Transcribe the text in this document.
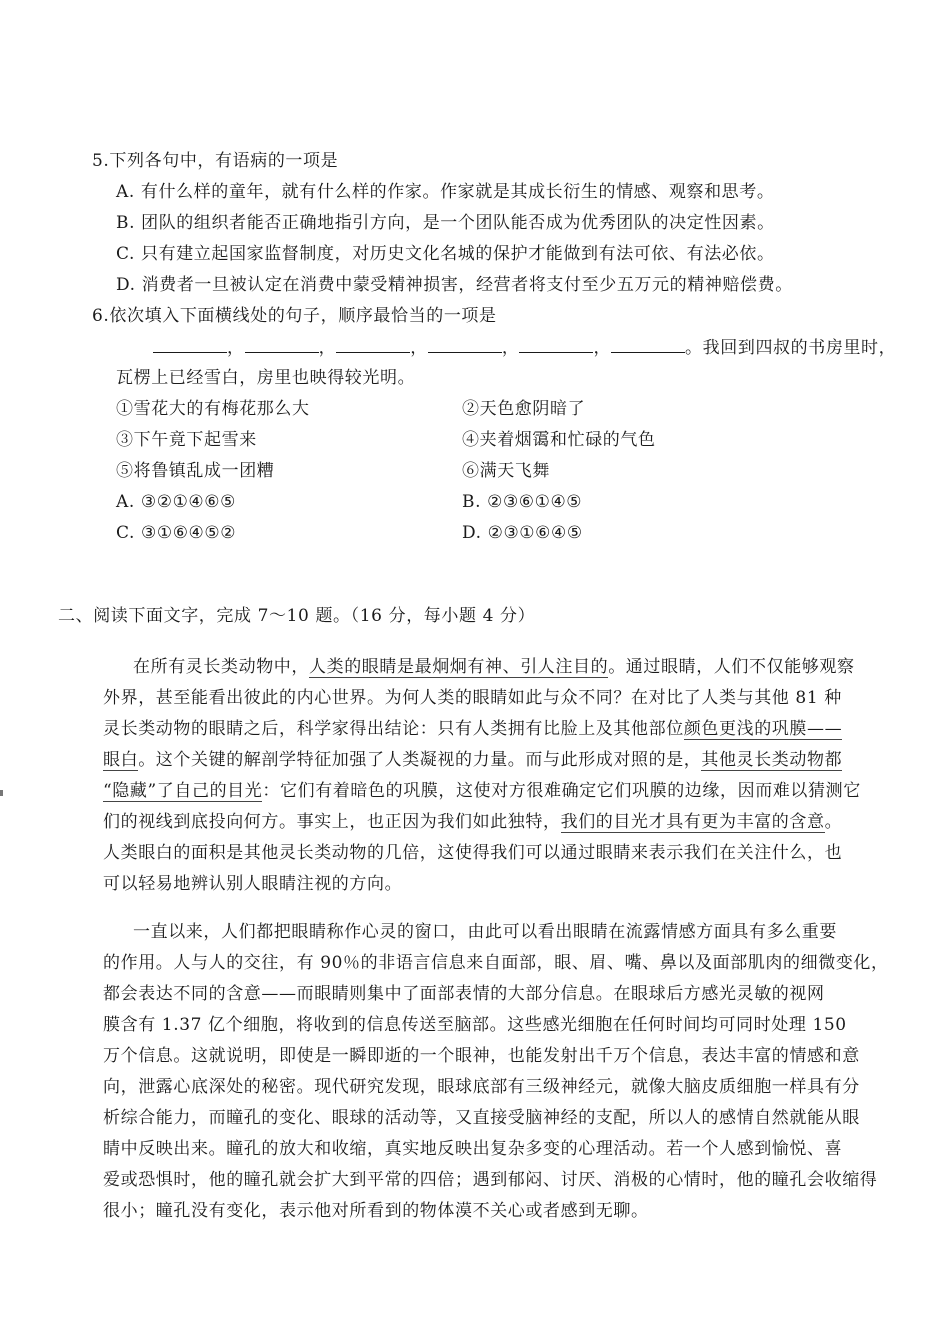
5.下列各句中，有语病的一项是
A. 有什么样的童年，就有什么样的作家。作家就是其成长衍生的情感、观察和思考。
B. 团队的组织者能否正确地指引方向，是一个团队能否成为优秀团队的决定性因素。
C. 只有建立起国家监督制度，对历史文化名城的保护才能做到有法可依、有法必依。
D. 消费者一旦被认定在消费中蒙受精神损害，经营者将支付至少五万元的精神赔偿费。
6.依次填入下面横线处的句子，顺序最恰当的一项是
，	，	，	，	，	。我回到四叔的书房里时，
瓦楞上已经雪白，房里也映得较光明。
①雪花大的有梅花那么大	②天色愈阴暗了
③下午竟下起雪来	④夹着烟霭和忙碌的气色
⑤将鲁镇乱成一团糟	⑥满天飞舞
A. ③②①④⑥⑤	B. ②③⑥①④⑤
C. ③①⑥④⑤②	D. ②③①⑥④⑤
二、阅读下面文字，完成 7～10 题。（16 分，每小题 4 分）
在所有灵长类动物中，人类的眼睛是最炯炯有神、引人注目的。通过眼睛，人们不仅能够观察
外界，甚至能看出彼此的内心世界。为何人类的眼睛如此与众不同？在对比了人类与其他 81 种
灵长类动物的眼睛之后，科学家得出结论：只有人类拥有比脸上及其他部位颜色更浅的巩膜——
眼白。这个关键的解剖学特征加强了人类凝视的力量。而与此形成对照的是，其他灵长类动物都
“隐藏”了自己的目光：它们有着暗色的巩膜，这使对方很难确定它们巩膜的边缘，因而难以猜测它
们的视线到底投向何方。事实上，也正因为我们如此独特，我们的目光才具有更为丰富的含意。
人类眼白的面积是其他灵长类动物的几倍，这使得我们可以通过眼睛来表示我们在关注什么，也
可以轻易地辨认别人眼睛注视的方向。
一直以来，人们都把眼睛称作心灵的窗口，由此可以看出眼睛在流露情感方面具有多么重要
的作用。人与人的交往，有 90％的非语言信息来自面部，眼、眉、嘴、鼻以及面部肌肉的细微变化，
都会表达不同的含意——而眼睛则集中了面部表情的大部分信息。在眼球后方感光灵敏的视网
膜含有 1.37 亿个细胞，将收到的信息传送至脑部。这些感光细胞在任何时间均可同时处理 150
万个信息。这就说明，即使是一瞬即逝的一个眼神，也能发射出千万个信息，表达丰富的情感和意
向，泄露心底深处的秘密。现代研究发现，眼球底部有三级神经元，就像大脑皮质细胞一样具有分
析综合能力，而瞳孔的变化、眼球的活动等，又直接受脑神经的支配，所以人的感情自然就能从眼
睛中反映出来。瞳孔的放大和收缩，真实地反映出复杂多变的心理活动。若一个人感到愉悦、喜
爱或恐惧时，他的瞳孔就会扩大到平常的四倍；遇到郁闷、讨厌、消极的心情时，他的瞳孔会收缩得
很小；瞳孔没有变化，表示他对所看到的物体漠不关心或者感到无聊。
